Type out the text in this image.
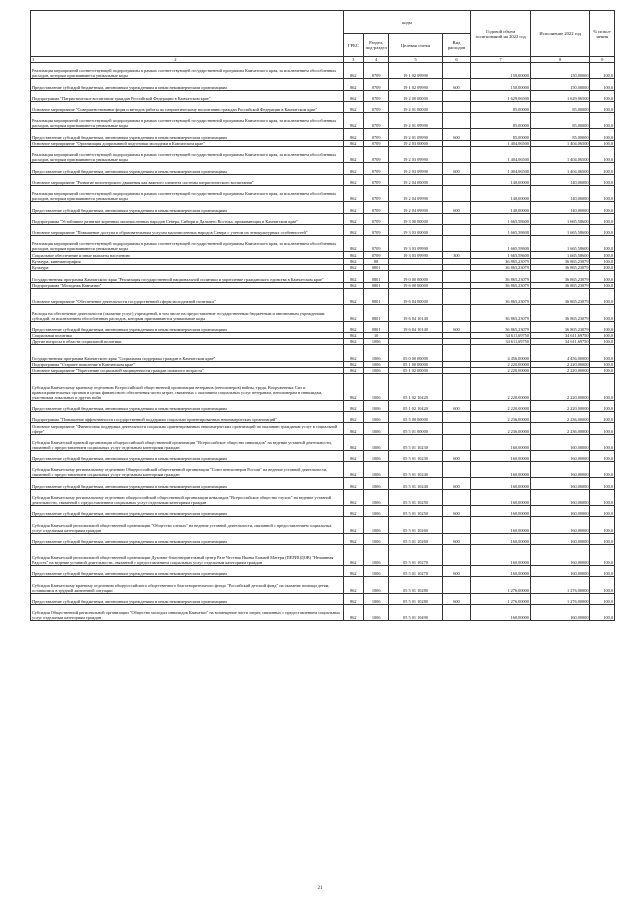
	коды				Годовой объем ассигнований на 2022 год	Исполнение 2022 год	% испол-нения
	ГРБС	Раздел, под-раздел	Целевая статья	Вид расходов			
1 2	3	4	5	6	7	8	9
Реализация мероприятий соответствующей подпрограммы в рамках соответствующей государственной программы Камчатского края, за исключением обособленных расходов, которым присваиваются уникальные коды	862	0709	19 1 02 09990		150,00000	150,00000	100,0
Предоставление субсидий бюджетным, автономным учреждениям и иным некоммерческим организациям	862	0709	19 1 02 09990	600	150,00000	150,00000	100,0
Подпрограмма "Патриотическое воспитание граждан Российской Федерации в Камчатском крае"	862	0709	19 2 00 00000		1 629,06500	1 629,06500	100,0
Основное мероприятие "Совершенствование форм и методов работы по патриотическому воспитанию граждан Российской Федерации в Камчатском крае"	862	0709	19 2 01 00000		85,00000	85,00000	100,0
Реализация мероприятий соответствующей подпрограммы в рамках соответствующей государственной программы Камчатского края, за исключением обособленных расходов, которым присваиваются уникальные коды	862	0709	19 2 01 09990		85,00000	85,00000	100,0
Предоставление субсидий бюджетным, автономным учреждениям и иным некоммерческим организациям	862	0709	19 2 01 09990	600	85,00000	85,00000	100,0
Основное мероприятие "Организация допризывной подготовки молодежи в Камчатском крае"	862	0709	19 2 03 00000		1 404,06500	1 404,06500	100,0
Реализация мероприятий соответствующей подпрограммы в рамках соответствующей государственной программы Камчатского края, за исключением обособленных расходов, которым присваиваются уникальные коды	862	0709	19 2 03 09990		1 404,06500	1 404,06500	100,0
Предоставление субсидий бюджетным, автономным учреждениям и иным некоммерческим организациям	862	0709	19 2 03 09990	600	1 404,06500	1 404,06500	100,0
Основное мероприятие "Развитие волонтерского движения как важного элемента системы патриотического воспитания"	862	0709	19 2 04 00000		140,00000	140,00000	100,0
Реализация мероприятий соответствующей подпрограммы в рамках соответствующей государственной программы Камчатского края, за исключением обособленных расходов, которым присваиваются уникальные коды	862	0709	19 2 04 09990		140,00000	140,00000	100,0
Предоставление субсидий бюджетным, автономным учреждениям и иным некоммерческим организациям	862	0709	19 2 04 09990	600	140,00000	140,00000	100,0
Подпрограмма "Устойчивое развитие коренных малочисленных народов Севера, Сибири и Дальнего Востока, проживающих в Камчатском крае"	862	0709	19 3 00 00000		1 665,58600	1 665,58600	100,0
Основное мероприятие "Повышение доступа к образовательным услугам малочисленных народов Севера с учетом их этнокультурных особенностей"	862	0709	19 3 03 00000		1 665,58600	1 665,58600	100,0
Реализация мероприятий соответствующей подпрограммы в рамках соответствующей государственной программы Камчатского края, за исключением обособленных расходов, которым присваиваются уникальные коды	862	0709	19 3 03 09990		1 665,58600	1 665,58600	100,0
Социальное обеспечение и иные выплаты населению	862	0709	19 3 03 09990	300	1 665,58600	1 665,58600	100,0
Культура, кинематография	862	08			36 865,23079	36 865,23079	100,0
Культура	862	0801			36 865,23079	36 865,23079	100,0
Государственная программа Камчатского края "Реализация государственной национальной политики и укрепление гражданского единства в Камчатском крае"	862	0801	19 0 00 00000		36 865,23079	36 865,23079	100,0
Подпрограмма "Молодежь Камчатки"	862	0801	19 6 00 00000		36 865,23079	36 865,23079	100,0
Основное мероприятие "Обеспечение деятельности государственной сферы молодежной политики"	862	0801	19 6 04 00000		36 865,23079	36 865,23079	100,0
Расходы на обеспечение деятельности (оказание услуг) учреждений, в том числе на предоставление государственным бюджетным и автономным учреждениям субсидий, за исключением обособленных расходов, которым присваиваются уникальные коды	862	0801	19 6 04 10140		36 865,23079	36 865,23079	100,0
Предоставление субсидий бюджетным, автономным учреждениям и иным некоммерческим организациям	862	0801	19 6 04 10140	600	36 865,23079	36 865,23079	100,0
Социальная политика	862	10			34 611,69750	34 611,69750	100,0
Другие вопросы в области социальной политики	862	1006			34 611,69750	34 611,69750	100,0
Государственная программа Камчатского края "Социальная поддержка граждан в Камчатском крае"	862	1006	05 0 00 00000		4 456,00000	4 456,00000	100,0
Подпрограмма "Старшее поколение в Камчатском крае"	862	1006	05 1 00 00000		2 220,00000	2 220,00000	100,0
Основное мероприятие "Укрепление социальной защищенности граждан пожилого возраста"	862	1006	05 1 02 00000		2 220,00000	2 220,00000	100,0
Субсидия Камчатскому краевому отделению Всероссийской общественной организации ветеранов (пенсионеров) войны, труда, Вооруженных Сил и правоохранительных органов в целях финансового обеспечения части затрат, связанных с оказанием социальных услуг ветеранам, пенсионерам и инвалидам, участникам локальных и других войн	862	1006	05 1 02 10420		2 220,00000	2 220,00000	100,0
Предоставление субсидий бюджетным, автономным учреждениям и иным некоммерческим организациям	862	1006	05 1 02 10420	600	2 220,00000	2 220,00000	100,0
Подпрограмма "Повышение эффективности государственной поддержки социально ориентированных некоммерческих организаций"	862	1006	05 5 00 00000		2 236,00000	2 236,00000	100,0
Основное мероприятие "Финансовая поддержка деятельности социально ориентированных некоммерческих организаций по оказанию гражданам услуг в социальной сфере"	862	1006	05 5 01 00000		2 236,00000	2 236,00000	100,0
Субсидия Камчатской краевой организации общероссийской общественной организации "Всероссийское общество инвалидов" на ведение уставной деятельности, связанной с предоставлением социальных услуг отдельным категориям граждан	862	1006	05 5 01 10230		160,00000	160,00000	100,0
Предоставление субсидий бюджетным, автономным учреждениям и иным некоммерческим организациям	862	1006	05 5 01 10230	600	160,00000	160,00000	100,0
Субсидия Камчатскому региональному отделению Общероссийской общественной организации "Союз пенсионеров России" на ведение уставной деятельности, связанной с предоставлением социальных услуг отдельным категориям граждан	862	1006	05 5 01 10240		160,00000	160,00000	100,0
Предоставление субсидий бюджетным, автономным учреждениям и иным некоммерческим организациям	862	1006	05 5 01 10240	600	160,00000	160,00000	100,0
Субсидия Камчатскому региональному отделению общероссийской общественной организации инвалидов "Всероссийское общество глухих" на ведение уставной деятельности, связанной с предоставлением социальных услуг отдельным категориям граждан	862	1006	05 5 01 10250		160,00000	160,00000	100,0
Предоставление субсидий бюджетным, автономным учреждениям и иным некоммерческим организациям	862	1006	05 5 01 10250	600	160,00000	160,00000	100,0
Субсидия Камчатской региональной общественной организации "Общество слепых" на ведение уставной деятельности, связанной с предоставлением социальных услуг отдельным категориям граждан	862	1006	05 5 01 10260		160,00000	160,00000	100,0
Предоставление субсидий бюджетным, автономным учреждениям и иным некоммерческим организациям	862	1006	05 5 01 10260	600	160,00000	160,00000	100,0
Субсидия Камчатской региональной общественной организации Духовно-благотворительный центр Разе Честная Иконы Божией Матери (ПЕРИОДОВ) "Нечаянная Радость" на ведение уставной деятельности, связанной с предоставлением социальных услуг отдельным категориям граждан	862	1006	05 5 01 10270		160,00000	160,00000	100,0
Предоставление субсидий бюджетным, автономным учреждениям и иным некоммерческим организациям	862	1006	05 5 01 10270	600	160,00000	160,00000	100,0
Субсидия Камчатскому краевому отделению общероссийского общественного благотворительного фонда "Российский детский фонд" на оказание помощи детям, оставшимся в трудной жизненной ситуации	862	1006	05 5 01 10280		1 276,00000	1 276,00000	100,0
Предоставление субсидий бюджетным, автономным учреждениям и иным некоммерческим организациям	862	1006	05 5 01 10280	600	1 276,00000	1 276,00000	100,0
Субсидия Общественной региональной организации "Общество молодых инвалидов Камчатки" на возмещение части затрат, связанных с предоставлением социальных услуг отдельным категориям граждан	862	1006	05 5 01 10490		160,00000	160,00000	100,0
21
